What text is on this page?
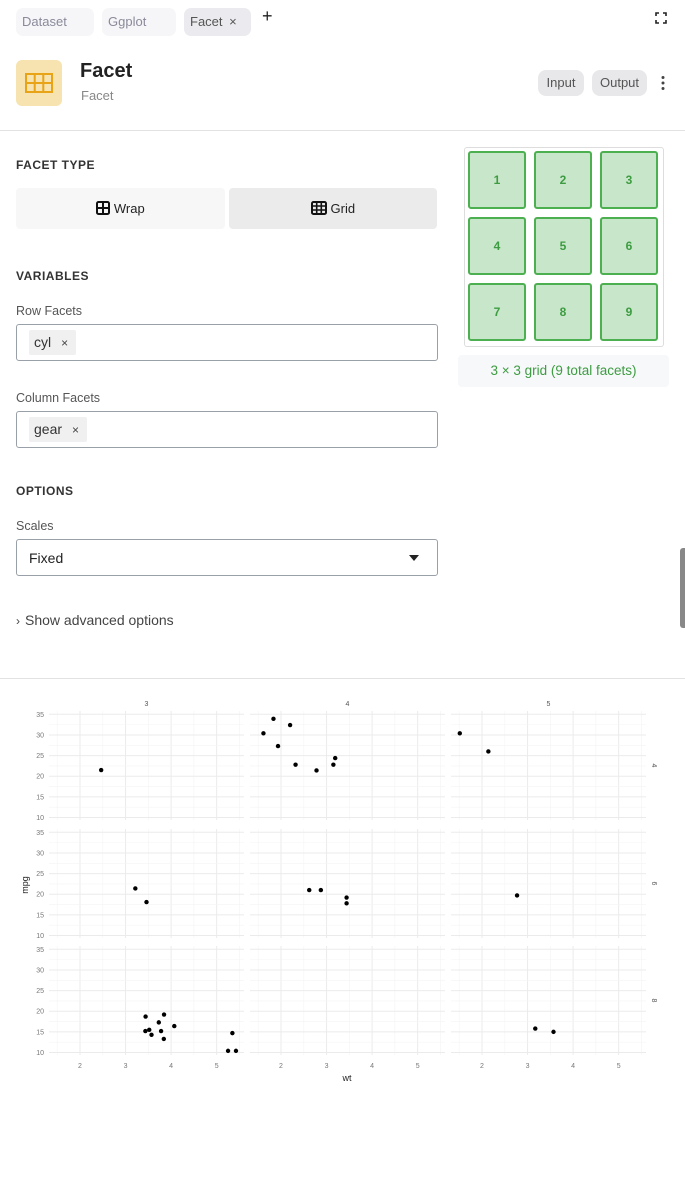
Dataset	Ggplot	Facet ×	+
Facet
Facet
Input	Output
FACET TYPE
Wrap	Grid
VARIABLES
Row Facets
cyl ×
Column Facets
gear ×
OPTIONS
Scales
Fixed
› Show advanced options
1	2	3
4	5	6
7	8	9
3 × 3 grid (9 total facets)
3	4	5
4
6
8
10
15
20
25
30
35
10
15
20
25
30
35
10
15
20
25
30
35
2	3	4	5	2	3	4	5	2	3	4	5
wt
mpg
